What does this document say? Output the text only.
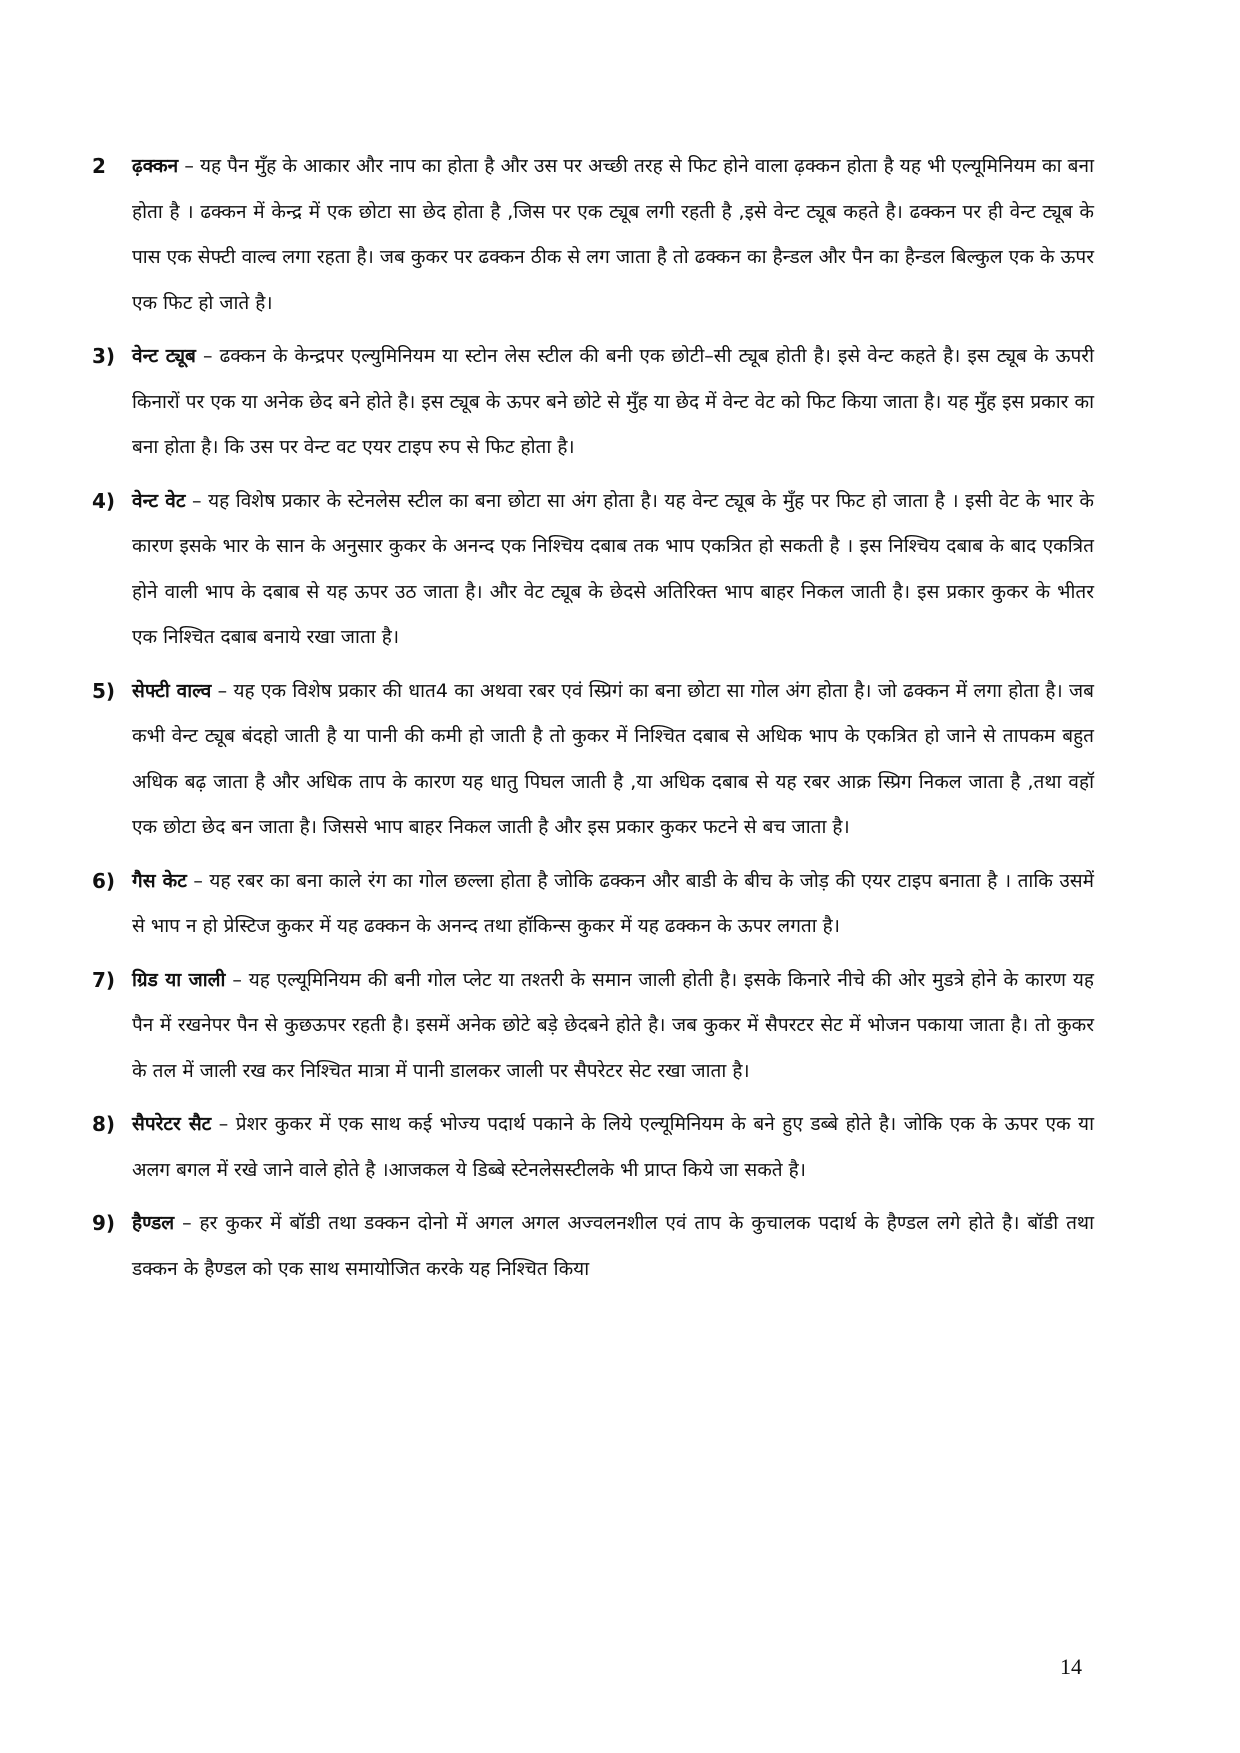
2 ढ़क्कन – यह पैन मुँह के आकार और नाप का होता है और उस पर अच्छी तरह से फिट होने वाला ढ़क्कन होता है यह भी एल्यूमिनियम का बना होता है । ढक्कन में केन्द्र में एक छोटा सा छेद होता है ,जिस पर एक ट्यूब लगी रहती है ,इसे वेन्ट ट्यूब कहते है। ढक्कन पर ही वेन्ट ट्यूब के पास एक सेफ्टी वाल्व लगा रहता है। जब कुकर पर ढक्कन ठीक से लग जाता है तो ढक्कन का हैन्डल और पैन का हैन्डल बिल्कुल एक के ऊपर एक फिट हो जाते है।

3) वेन्ट ट्यूब – ढक्कन के केन्द्रपर एल्युमिनियम या स्टोन लेस स्टील की बनी एक छोटी–सी ट्यूब होती है। इसे वेन्ट कहते है। इस ट्यूब के ऊपरी किनारों पर एक या अनेक छेद बने होते है। इस ट्यूब के ऊपर बने छोटे से मुँह या छेद में वेन्ट वेट को फिट किया जाता है। यह मुँह इस प्रकार का बना होता है। कि उस पर वेन्ट वट एयर टाइप रुप से फिट होता है।

4) वेन्ट वेट – यह विशेष प्रकार के स्टेनलेस स्टील का बना छोटा सा अंग होता है। यह वेन्ट ट्यूब के मुँह पर फिट हो जाता है । इसी वेट के भार के कारण इसके भार के सान के अनुसार कुकर के अनन्द एक निश्चिय दबाब तक भाप एकत्रित हो सकती है । इस निश्चिय दबाब के बाद एकत्रित होने वाली भाप के दबाब से यह ऊपर उठ जाता है। और वेट ट्यूब के छेदसे अतिरिक्त भाप बाहर निकल जाती है। इस प्रकार कुकर के भीतर एक निश्चित दबाब बनाये रखा जाता है।

5) सेफ्टी वाल्व – यह एक विशेष प्रकार की धात4 का अथवा रबर एवं स्प्रिगं का बना छोटा सा गोल अंग होता है। जो ढक्कन में लगा होता है। जब कभी वेन्ट ट्यूब बंदहो जाती है या पानी की कमी हो जाती है तो कुकर में निश्चित दबाब से अधिक भाप के एकत्रित हो जाने से तापकम बहुत अधिक बढ़ जाता है और अधिक ताप के कारण यह धातु पिघल जाती है ,या अधिक दबाब से यह रबर आक्र स्प्रिग निकल जाता है ,तथा वहॉ एक छोटा छेद बन जाता है। जिससे भाप बाहर निकल जाती है और इस प्रकार कुकर फटने से बच जाता है।

6) गैस केट – यह रबर का बना काले रंग का गोल छल्ला होता है जोकि ढक्कन और बाडी के बीच के जोड़ की एयर टाइप बनाता है । ताकि उसमें से भाप न हो प्रेस्टिज कुकर में यह ढक्कन के अनन्द तथा हॉकिन्स कुकर में यह ढक्कन के ऊपर लगता है।

7) ग्रिड या जाली – यह एल्यूमिनियम की बनी गोल प्लेट या तश्तरी के समान जाली होती है। इसके किनारे नीचे की ओर मुडत्रे होने के कारण यह पैन में रखनेपर पैन से कुछऊपर रहती है। इसमें अनेक छोटे बड़े छेदबने होते है। जब कुकर में सैपरटर सेट में भोजन पकाया जाता है। तो कुकर के तल में जाली रख कर निश्चित मात्रा में पानी डालकर जाली पर सैपरेटर सेट रखा जाता है।

8) सैपरेटर सैट – प्रेशर कुकर में एक साथ कई भोज्य पदार्थ पकाने के लिये एल्यूमिनियम के बने हुए डब्बे होते है। जोकि एक के ऊपर एक या अलग बगल में रखे जाने वाले होते है ।आजकल ये डिब्बे स्टेनलेसस्टीलके भी प्राप्त किये जा सकते है।

9) हैण्डल – हर कुकर में बॉडी तथा डक्कन दोनो में अगल अगल अज्वलनशील एवं ताप के कुचालक पदार्थ के हैण्डल लगे होते है। बॉडी तथा डक्कन के हैण्डल को एक साथ समायोजित करके यह निश्चित किया

14
